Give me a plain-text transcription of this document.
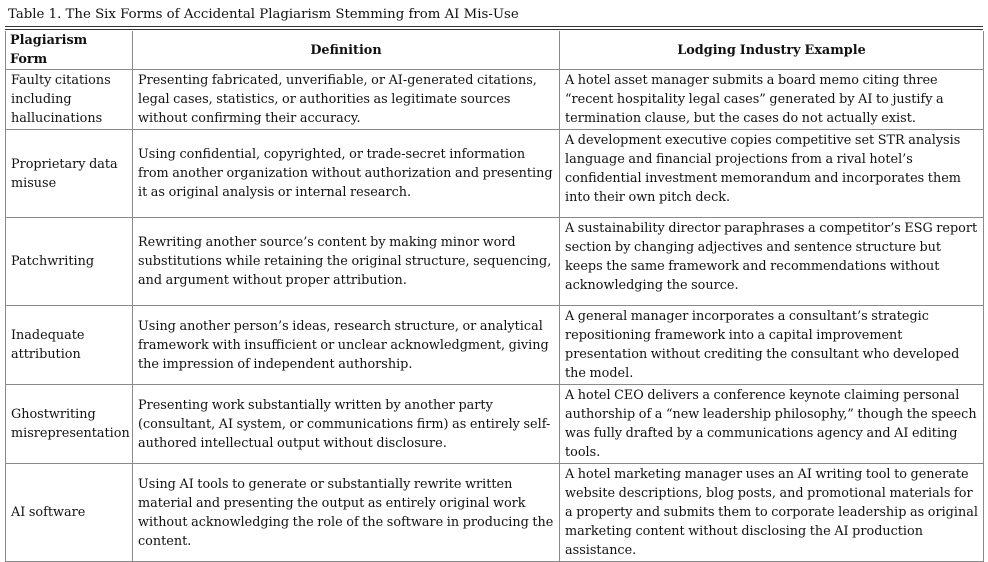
Table 1. The Six Forms of Accidental Plagiarism Stemming from AI Mis-Use
Plagiarism Form	Definition	Lodging Industry Example
Faulty citations including hallucinations	Presenting fabricated, unverifiable, or AI-generated citations, legal cases, statistics, or authorities as legitimate sources without confirming their accuracy.	A hotel asset manager submits a board memo citing three “recent hospitality legal cases” generated by AI to justify a termination clause, but the cases do not actually exist.
Proprietary data misuse	Using confidential, copyrighted, or trade-secret information from another organization without authorization and presenting it as original analysis or internal research.	A development executive copies competitive set STR analysis language and financial projections from a rival hotel’s confidential investment memorandum and incorporates them into their own pitch deck.
Patchwriting	Rewriting another source’s content by making minor word substitutions while retaining the original structure, sequencing, and argument without proper attribution.	A sustainability director paraphrases a competitor’s ESG report section by changing adjectives and sentence structure but keeps the same framework and recommendations without acknowledging the source.
Inadequate attribution	Using another person’s ideas, research structure, or analytical framework with insufficient or unclear acknowledgment, giving the impression of independent authorship.	A general manager incorporates a consultant’s strategic repositioning framework into a capital improvement presentation without crediting the consultant who developed the model.
Ghostwriting misrepresentation	Presenting work substantially written by another party (consultant, AI system, or communications firm) as entirely self-authored intellectual output without disclosure.	A hotel CEO delivers a conference keynote claiming personal authorship of a “new leadership philosophy,” though the speech was fully drafted by a communications agency and AI editing tools.
AI software	Using AI tools to generate or substantially rewrite written material and presenting the output as entirely original work without acknowledging the role of the software in producing the content.	A hotel marketing manager uses an AI writing tool to generate website descriptions, blog posts, and promotional materials for a property and submits them to corporate leadership as original marketing content without disclosing the AI production assistance.
